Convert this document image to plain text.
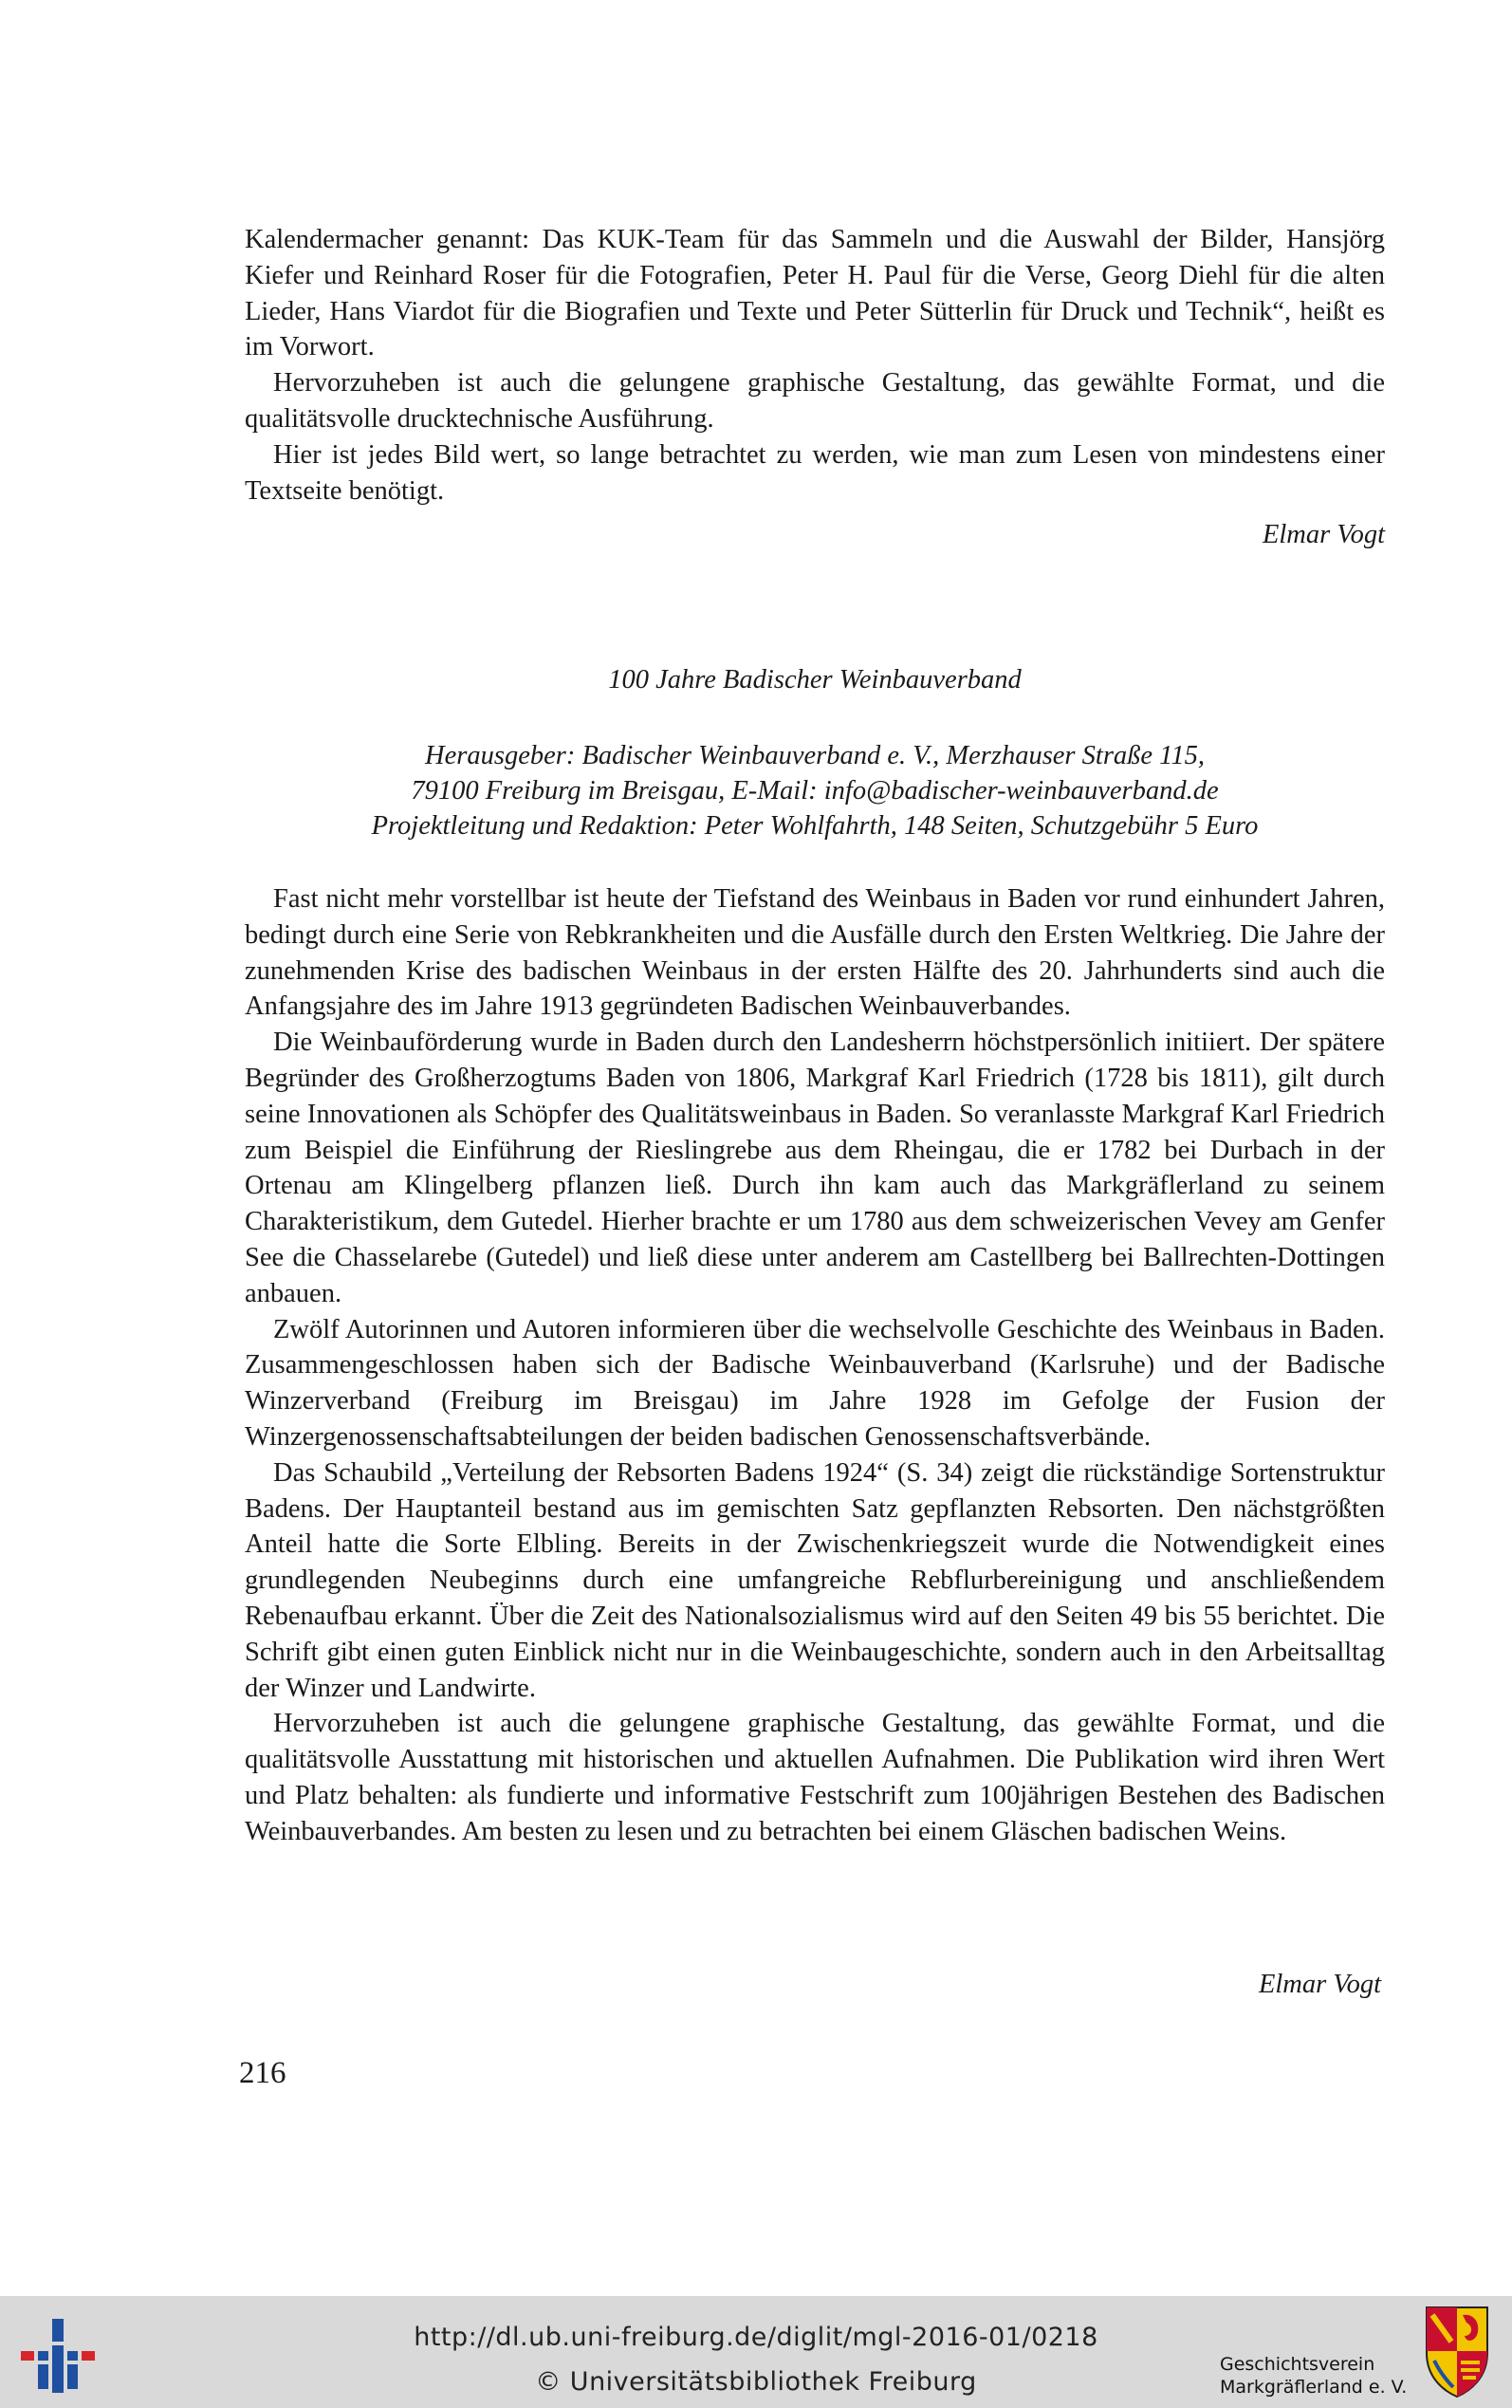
Kalendermacher genannt: Das KUK-Team für das Sammeln und die Auswahl der Bilder, Hansjörg Kiefer und Reinhard Roser für die Fotografien, Peter H. Paul für die Verse, Georg Diehl für die alten Lieder, Hans Viardot für die Biografien und Texte und Peter Sütterlin für Druck und Technik“, heißt es im Vorwort.

Hervorzuheben ist auch die gelungene graphische Gestaltung, das gewählte Format, und die qualitätsvolle drucktechnische Ausführung.

Hier ist jedes Bild wert, so lange betrachtet zu werden, wie man zum Lesen von mindestens einer Textseite benötigt.

Elmar Vogt
100 Jahre Badischer Weinbauverband
Herausgeber: Badischer Weinbauverband e. V., Merzhauser Straße 115,
79100 Freiburg im Breisgau, E-Mail: info@badischer-weinbauverband.de
Projektleitung und Redaktion: Peter Wohlfahrth, 148 Seiten, Schutzgebühr 5 Euro

Fast nicht mehr vorstellbar ist heute der Tiefstand des Weinbaus in Baden vor rund einhundert Jahren, bedingt durch eine Serie von Rebkrankheiten und die Ausfälle durch den Ersten Weltkrieg. Die Jahre der zunehmenden Krise des badischen Weinbaus in der ersten Hälfte des 20. Jahrhunderts sind auch die Anfangsjahre des im Jahre 1913 gegründeten Badischen Weinbauverbandes.

Die Weinbauförderung wurde in Baden durch den Landesherrn höchstpersönlich initiiert. Der spätere Begründer des Großherzogtums Baden von 1806, Markgraf Karl Friedrich (1728 bis 1811), gilt durch seine Innovationen als Schöpfer des Qualitätsweinbaus in Baden. So veranlasste Markgraf Karl Friedrich zum Beispiel die Einführung der Rieslingrebe aus dem Rheingau, die er 1782 bei Durbach in der Ortenau am Klingelberg pflanzen ließ. Durch ihn kam auch das Markgräflerland zu seinem Charakteristikum, dem Gutedel. Hierher brachte er um 1780 aus dem schweizerischen Vevey am Genfer See die Chasselarebe (Gutedel) und ließ diese unter anderem am Castellberg bei Ballrechten-Dottingen anbauen.

Zwölf Autorinnen und Autoren informieren über die wechselvolle Geschichte des Weinbaus in Baden. Zusammengeschlossen haben sich der Badische Weinbauverband (Karlsruhe) und der Badische Winzerverband (Freiburg im Breisgau) im Jahre 1928 im Gefolge der Fusion der Winzergenossenschaftsabteilungen der beiden badischen Genossenschaftsverbände.

Das Schaubild „Verteilung der Rebsorten Badens 1924“ (S. 34) zeigt die rückständige Sortenstruktur Badens. Der Hauptanteil bestand aus im gemischten Satz gepflanzten Rebsorten. Den nächstgrößten Anteil hatte die Sorte Elbling. Bereits in der Zwischenkriegszeit wurde die Notwendigkeit eines grundlegenden Neubeginns durch eine umfangreiche Rebflurbereinigung und anschließendem Rebenaufbau erkannt. Über die Zeit des Nationalsozialismus wird auf den Seiten 49 bis 55 berichtet. Die Schrift gibt einen guten Einblick nicht nur in die Weinbaugeschichte, sondern auch in den Arbeitsalltag der Winzer und Landwirte.

Hervorzuheben ist auch die gelungene graphische Gestaltung, das gewählte Format, und die qualitätsvolle Ausstattung mit historischen und aktuellen Aufnahmen. Die Publikation wird ihren Wert und Platz behalten: als fundierte und informative Festschrift zum 100jährigen Bestehen des Badischen Weinbauverbandes. Am besten zu lesen und zu betrachten bei einem Gläschen badischen Weins.

Elmar Vogt
216
http://dl.ub.uni-freiburg.de/diglit/mgl-2016-01/0218
© Universitätsbibliothek Freiburg
Geschichtsverein
Markgräflerland e. V.
